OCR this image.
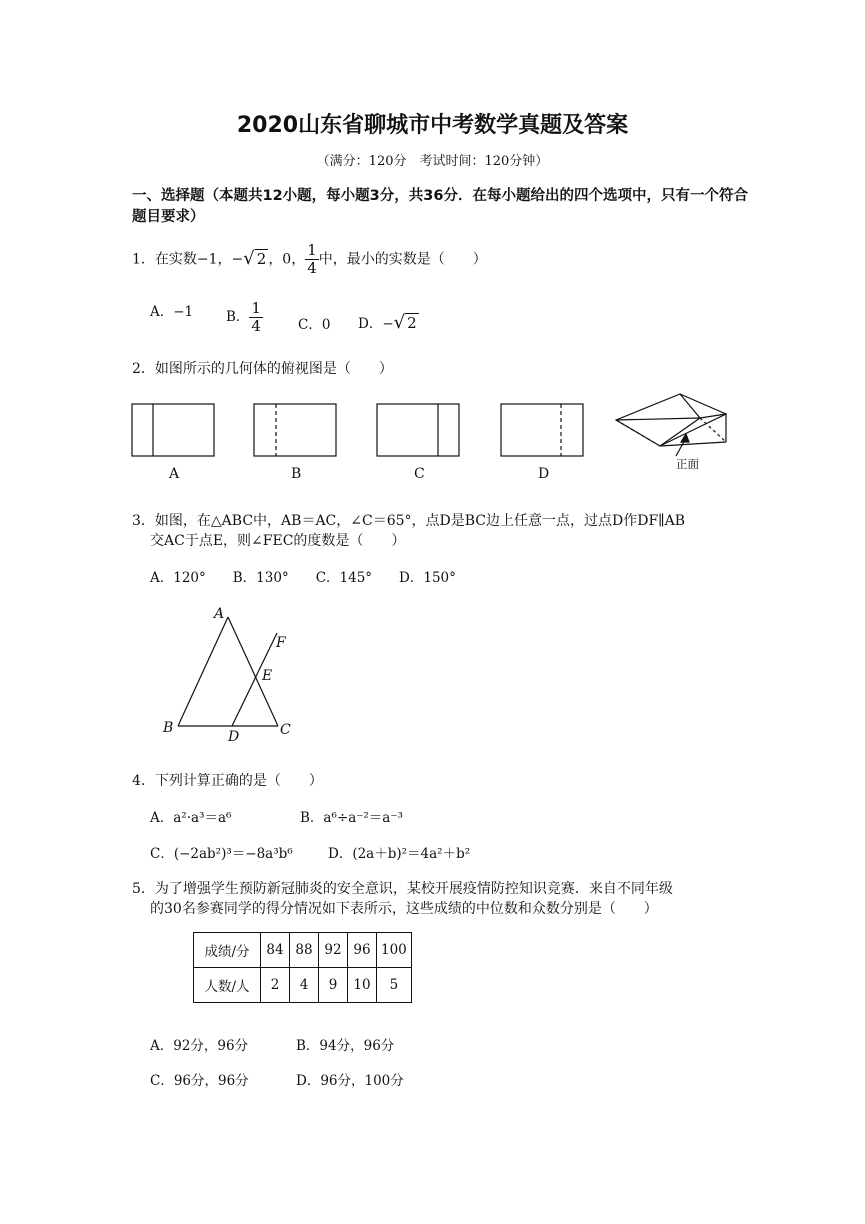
2020山东省聊城市中考数学真题及答案
（满分：120分　考试时间：120分钟）
一、选择题（本题共12小题，每小题3分，共36分．在每小题给出的四个选项中，只有一个符合题目要求）
1．在实数−1，−√ 2 ，0， $\frac{1}{4}$ 中，最小的实数是（　　）
A．−1 B． $\frac{1}{4}$	C．0 D．−√ 2
2．如图所示的几何体的俯视图是（　　）
A	B	C	D
正面
3．如图，在△ABC中，AB＝AC，∠C＝65°，点D是BC边上任意一点，过点D作DF∥AB
交AC于点E，则∠FEC的度数是（　　）
A．120°　　B．130°　　C．145°　　D．150°
A
B	C
D
E
F
4．下列计算正确的是（　　）
A．a²·a³＝a⁶	B．a⁶÷a⁻²＝a⁻³
C．(−2ab²)³＝−8a³b⁶	D．(2a＋b)²＝4a²＋b²
5．为了增强学生预防新冠肺炎的安全意识，某校开展疫情防控知识竞赛．来自不同年级
的30名参赛同学的得分情况如下表所示，这些成绩的中位数和众数分别是（　　）
成绩/分	84	88	92	96	100
人数/人	2	4	9	10	5
A．92分，96分	B．94分，96分
C．96分，96分	D．96分，100分
